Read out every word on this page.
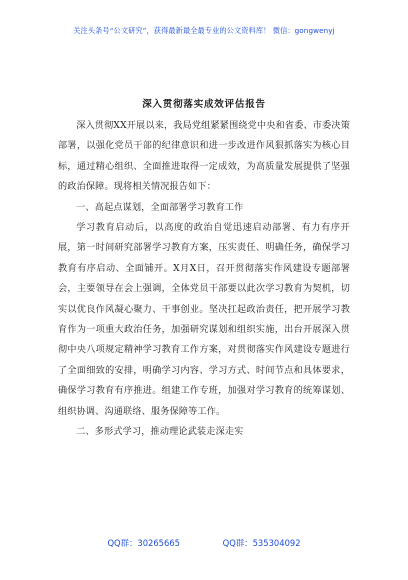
关注头条号“公文研究”，获得最新最全最专业的公文资料库！ 微信：gongwenyj
深入贯彻落实成效评估报告

深入贯彻XX开展以来，我局党组紧紧围绕党中央和省委、市委决策部署，以强化党员干部的纪律意识和进一步改进作风狠抓落实为核心目标，通过精心组织、全面推进取得一定成效，为高质量发展提供了坚强的政治保障。现将相关情况报告如下：

一、高起点谋划，全面部署学习教育工作

学习教育启动后，以高度的政治自觉迅速启动部署、有力有序开展，第一时间研究部署学习教育方案，压实责任、明确任务，确保学习教育有序启动、全面铺开。X月X日，召开贯彻落实作风建设专题部署会，主要领导在会上强调，全体党员干部要以此次学习教育为契机，切实以优良作风凝心聚力、干事创业。坚决扛起政治责任，把开展学习教育作为一项重大政治任务，加强研究谋划和组织实施，出台开展深入贯彻中央八项规定精神学习教育工作方案，对贯彻落实作风建设专题进行了全面细致的安排，明确学习内容、学习方式、时间节点和具体要求，确保学习教育有序推进。组建工作专班，加强对学习教育的统筹谋划、组织协调、沟通联络、服务保障等工作。

二、多形式学习，推动理论武装走深走实

QQ群：30265665	QQ群：535304092
